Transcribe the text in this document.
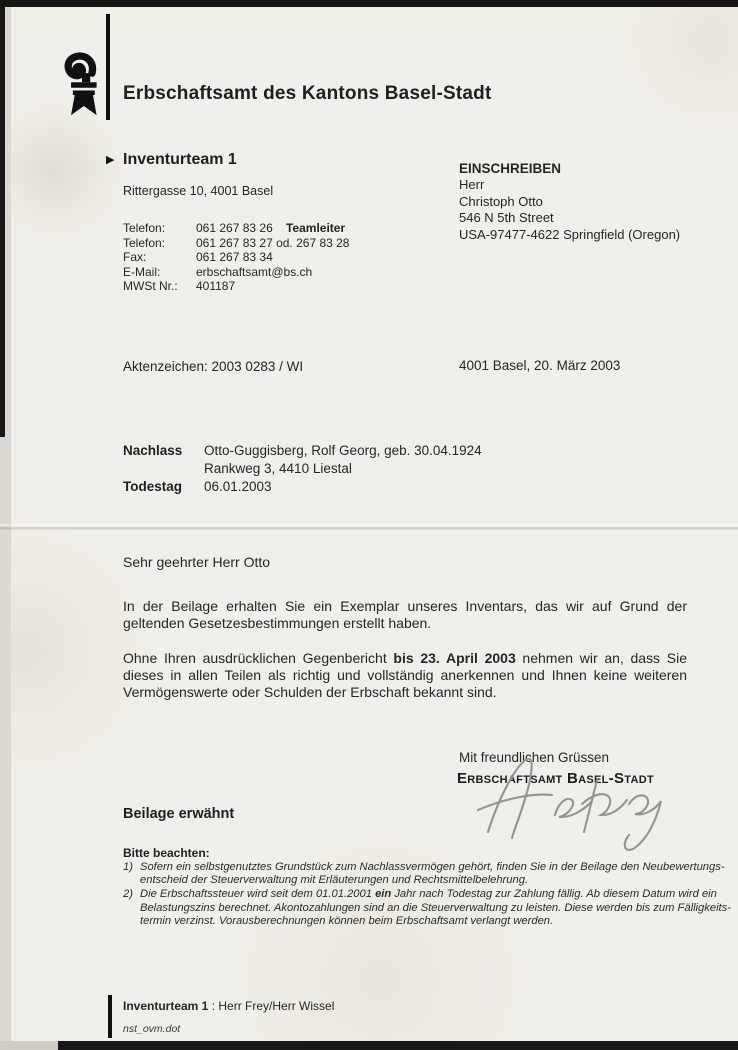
Erbschaftsamt des Kantons Basel-Stadt
▶ Inventurteam 1
Rittergasse 10, 4001 Basel
Telefon:	061 267 83 26	Teamleiter
Telefon:	061 267 83 27 od. 267 83 28
Fax:	061 267 83 34
E-Mail:	erbschaftsamt@bs.ch
MWSt Nr.:	401187
EINSCHREIBEN
Herr
Christoph Otto
546 N 5th Street
USA-97477-4622 Springfield (Oregon)
Aktenzeichen: 2003 0283 / WI	4001 Basel, 20. März 2003
Nachlass	Otto-Guggisberg, Rolf Georg, geb. 30.04.1924
Rankweg 3, 4410 Liestal
Todestag	06.01.2003
Sehr geehrter Herr Otto
In der Beilage erhalten Sie ein Exemplar unseres Inventars, das wir auf Grund der geltenden Gesetzesbestimmungen erstellt haben.
Ohne Ihren ausdrücklichen Gegenbericht bis 23. April 2003 nehmen wir an, dass Sie dieses in allen Teilen als richtig und vollständig anerkennen und Ihnen keine weiteren Vermögenswerte oder Schulden der Erbschaft bekannt sind.
Mit freundlichen Grüssen
Erbschaftsamt Basel-Stadt
Beilage erwähnt
Bitte beachten:
1) Sofern ein selbstgenutztes Grundstück zum Nachlassvermögen gehört, finden Sie in der Beilage den Neubewertungs-
entscheid der Steuerverwaltung mit Erläuterungen und Rechtsmittelbelehrung.
2) Die Erbschaftssteuer wird seit dem 01.01.2001 ein Jahr nach Todestag zur Zahlung fällig. Ab diesem Datum wird ein
Belastungszins berechnet. Akontozahlungen sind an die Steuerverwaltung zu leisten. Diese werden bis zum Fälligkeits-
termin verzinst. Vorausberechnungen können beim Erbschaftsamt verlangt werden.
Inventurteam 1 : Herr Frey/Herr Wissel
nst_ovm.dot
